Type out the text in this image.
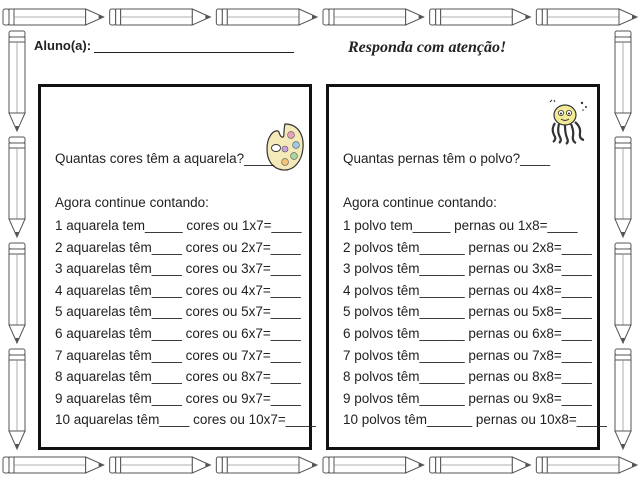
Aluno(a):	Responda com atenção!
Quantas cores têm a aquarela?____
Agora continue contando:
1 aquarela tem_____ cores ou 1x7=____
2 aquarelas têm____ cores ou 2x7=____
3 aquarelas têm____ cores ou 3x7=____
4 aquarelas têm____ cores ou 4x7=____
5 aquarelas têm____ cores ou 5x7=____
6 aquarelas têm____ cores ou 6x7=____
7 aquarelas têm____ cores ou 7x7=____
8 aquarelas têm____ cores ou 8x7=____
9 aquarelas têm____ cores ou 9x7=____
10 aquarelas têm____ cores ou 10x7=____
Quantas pernas têm o polvo?____
Agora continue contando:
1 polvo tem_____ pernas ou 1x8=____
2 polvos têm______ pernas ou 2x8=____
3 polvos têm______ pernas ou 3x8=____
4 polvos têm______ pernas ou 4x8=____
5 polvos têm______ pernas ou 5x8=____
6 polvos têm______ pernas ou 6x8=____
7 polvos têm______ pernas ou 7x8=____
8 polvos têm______ pernas ou 8x8=____
9 polvos têm______ pernas ou 9x8=____
10 polvos têm______ pernas ou 10x8=____
